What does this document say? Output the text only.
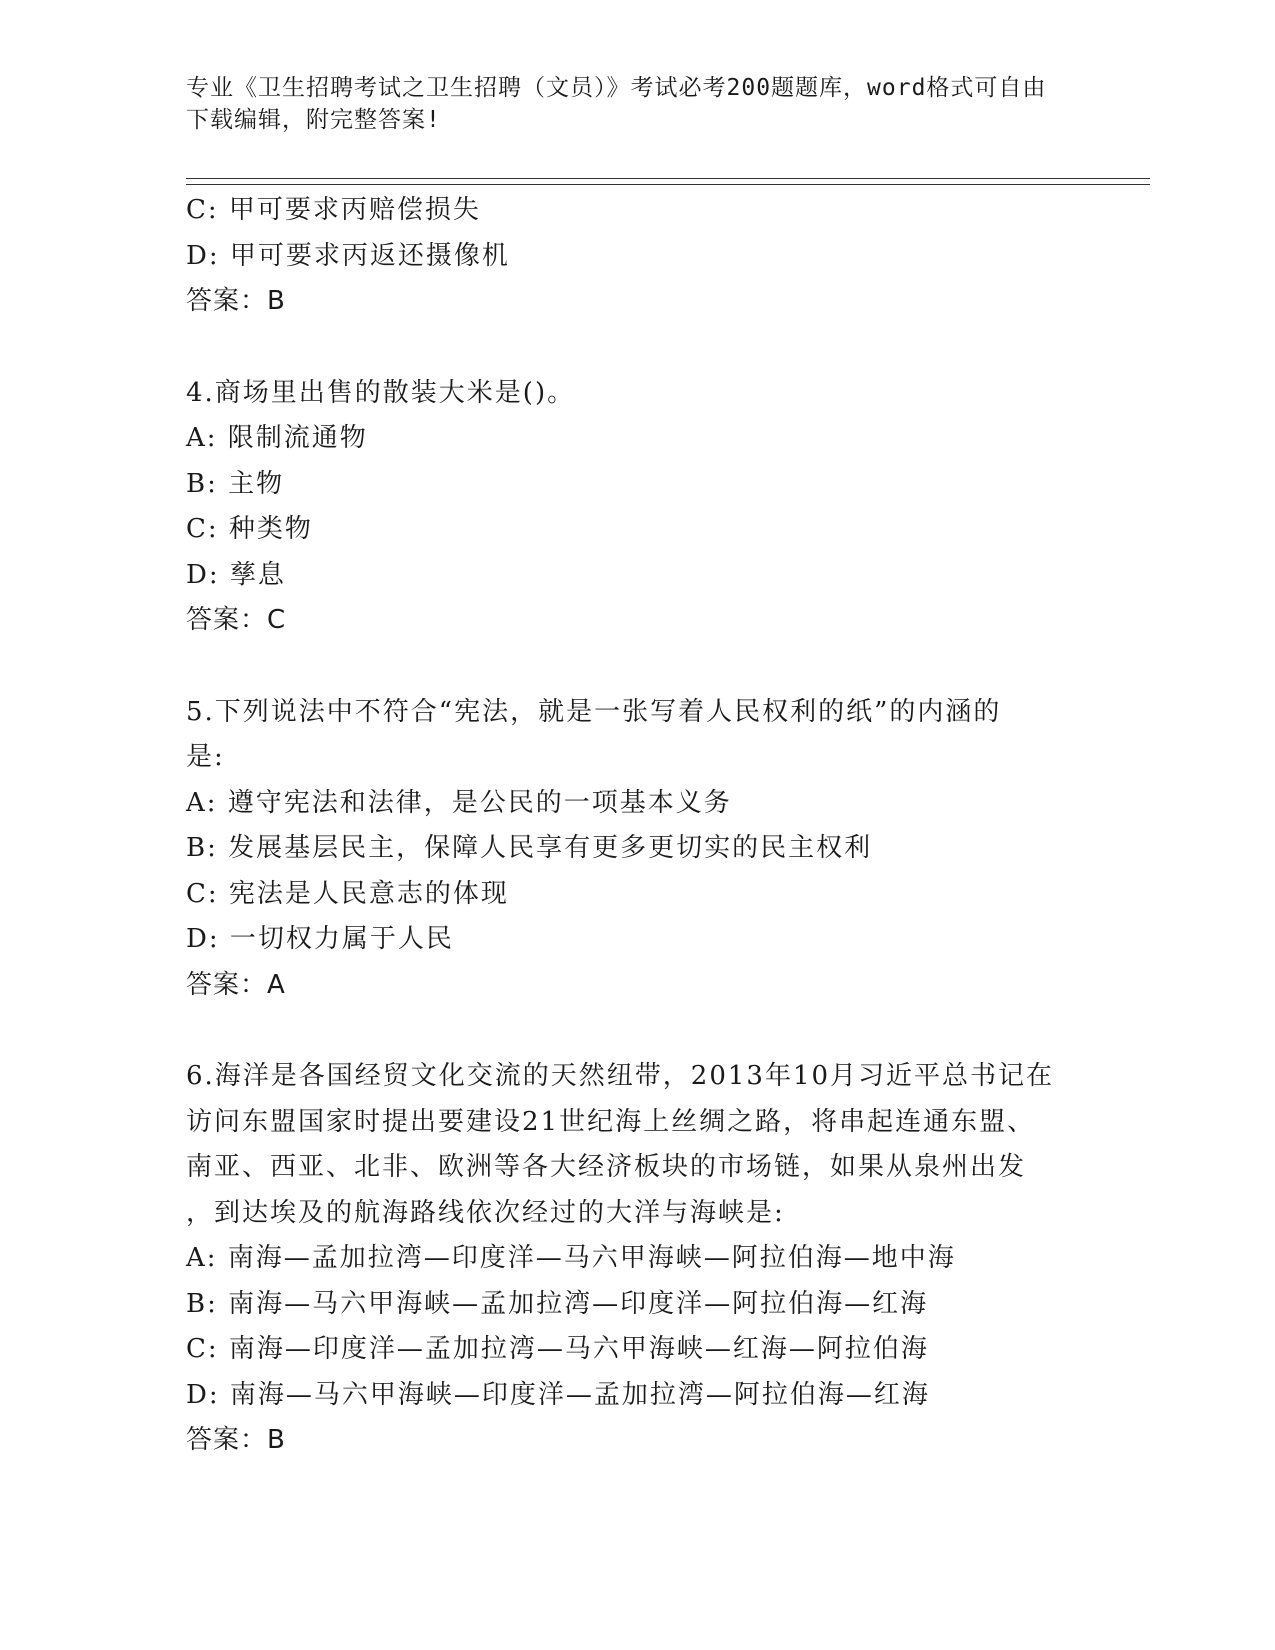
专业《卫生招聘考试之卫生招聘（文员）》考试必考200题题库，word格式可自由下载编辑，附完整答案!
C: 甲可要求丙赔偿损失
D: 甲可要求丙返还摄像机
答案：B
4.商场里出售的散装大米是()。
A: 限制流通物
B: 主物
C: 种类物
D: 孳息
答案：C
5.下列说法中不符合“宪法，就是一张写着人民权利的纸”的内涵的
是:
A: 遵守宪法和法律，是公民的一项基本义务
B: 发展基层民主，保障人民享有更多更切实的民主权利
C: 宪法是人民意志的体现
D: 一切权力属于人民
答案：A
6.海洋是各国经贸文化交流的天然纽带，2013年10月习近平总书记在
访问东盟国家时提出要建设21世纪海上丝绸之路，将串起连通东盟、
南亚、西亚、北非、欧洲等各大经济板块的市场链，如果从泉州出发
，到达埃及的航海路线依次经过的大洋与海峡是:
A: 南海—孟加拉湾—印度洋—马六甲海峡—阿拉伯海—地中海
B: 南海—马六甲海峡—孟加拉湾—印度洋—阿拉伯海—红海
C: 南海—印度洋—孟加拉湾—马六甲海峡—红海—阿拉伯海
D: 南海—马六甲海峡—印度洋—孟加拉湾—阿拉伯海—红海
答案：B
